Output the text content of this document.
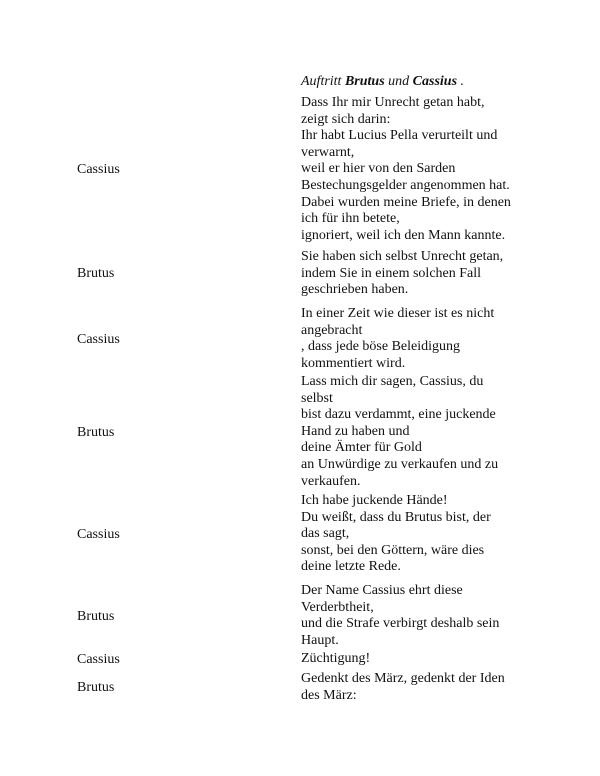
Auftritt Brutus und Cassius .
Cassius
Dass Ihr mir Unrecht getan habt,
zeigt sich darin:
Ihr habt Lucius Pella verurteilt und
verwarnt,
weil er hier von den Sarden
Bestechungsgelder angenommen hat.
Dabei wurden meine Briefe, in denen
ich für ihn betete,
ignoriert, weil ich den Mann kannte.
Brutus
Sie haben sich selbst Unrecht getan,
indem Sie in einem solchen Fall
geschrieben haben.
Cassius
In einer Zeit wie dieser ist es nicht
angebracht
, dass jede böse Beleidigung
kommentiert wird.
Brutus
Lass mich dir sagen, Cassius, du
selbst
bist dazu verdammt, eine juckende
Hand zu haben und
deine Ämter für Gold
an Unwürdige zu verkaufen und zu
verkaufen.
Cassius
Ich habe juckende Hände!
Du weißt, dass du Brutus bist, der
das sagt,
sonst, bei den Göttern, wäre dies
deine letzte Rede.
Brutus
Der Name Cassius ehrt diese
Verderbtheit,
und die Strafe verbirgt deshalb sein
Haupt.
Cassius	Züchtigung!
Brutus
Gedenkt des März, gedenkt der Iden
des März:
